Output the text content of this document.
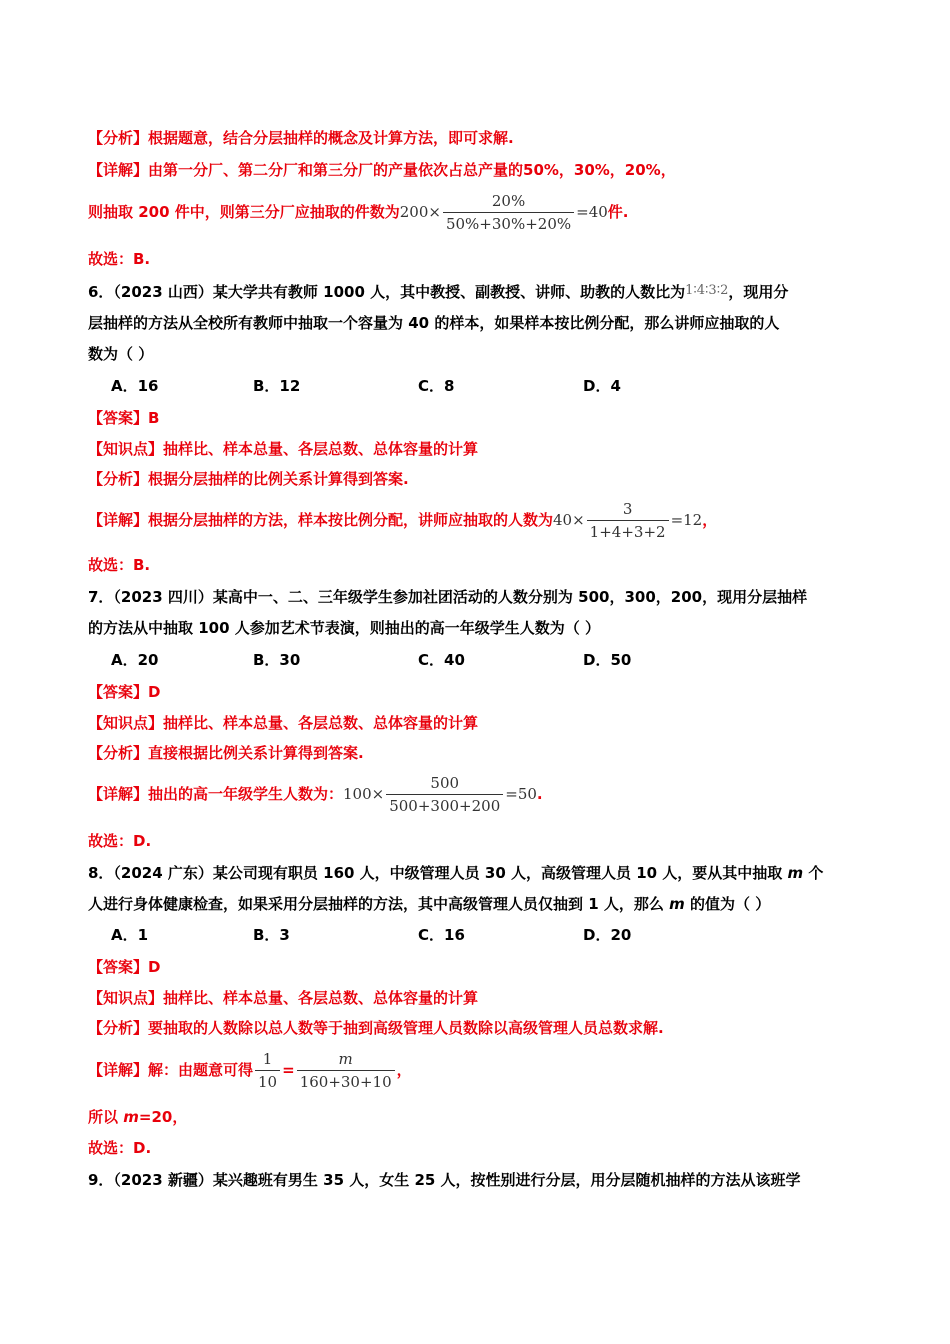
【分析】根据题意，结合分层抽样的概念及计算方法，即可求解.
【详解】由第一分厂、第二分厂和第三分厂的产量依次占总产量的50%，30%，20%，
则抽取 200 件中，则第三分厂应抽取的件数为$200\times \frac{20\%}{50\%+30\%+20\%} =40$件.
故选：B.
6．（2023 山西）某大学共有教师 1000 人，其中教授、副教授、讲师、助教的人数比为1∶4∶3∶2，现用分
层抽样的方法从全校所有教师中抽取一个容量为 40 的样本，如果样本按比例分配，那么讲师应抽取的人
数为（ ）
A．16	B．12	C．8	D．4
【答案】B
【知识点】抽样比、样本总量、各层总数、总体容量的计算
【分析】根据分层抽样的比例关系计算得到答案.
【详解】根据分层抽样的方法，样本按比例分配，讲师应抽取的人数为$40\times \frac{3}{1+4+3+2} =12$，
故选：B.
7．（2023 四川）某高中一、二、三年级学生参加社团活动的人数分别为 500，300，200，现用分层抽样
的方法从中抽取 100 人参加艺术节表演，则抽出的高一年级学生人数为（ ）
A．20	B．30	C．40	D．50
【答案】D
【知识点】抽样比、样本总量、各层总数、总体容量的计算
【分析】直接根据比例关系计算得到答案.
【详解】抽出的高一年级学生人数为：$100\times \frac{500}{500+300+200} =50$.
故选：D.
8．（2024 广东）某公司现有职员 160 人，中级管理人员 30 人，高级管理人员 10 人，要从其中抽取 m 个
人进行身体健康检查，如果采用分层抽样的方法，其中高级管理人员仅抽到 1 人，那么 m 的值为（ ）
A．1	B．3	C．16	D．20
【答案】D
【知识点】抽样比、样本总量、各层总数、总体容量的计算
【分析】要抽取的人数除以总人数等于抽到高级管理人员数除以高级管理人员总数求解.
【详解】解：由题意可得 $\frac{1}{10} = \frac{m}{160+30+10}$ ，
所以 m=20，
故选：D.
9．（2023 新疆）某兴趣班有男生 35 人，女生 25 人，按性别进行分层，用分层随机抽样的方法从该班学
